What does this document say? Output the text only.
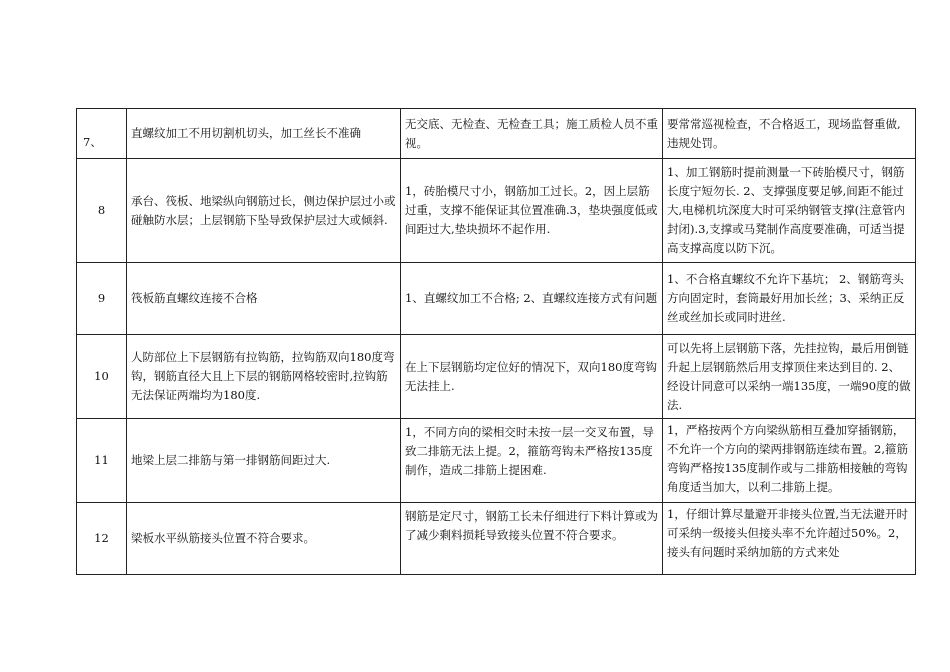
7、	直螺纹加工不用切割机切头，加工丝长不准确	无交底、无检查、无检查工具；施工质检人员不重视。	要常常巡视检查，不合格返工，现场监督重做,违规处罚。
8	承台、筏板、地梁纵向钢筋过长，侧边保护层过小或碰触防水层；上层钢筋下坠导致保护层过大或倾斜.	1，砖胎模尺寸小，钢筋加工过长。2，因上层筋过重，支撑不能保证其位置准确.3，垫块强度低或间距过大,垫块损坏不起作用.	1、加工钢筋时提前测量一下砖胎模尺寸，钢筋长度宁短勿长. 2、支撑强度要足够,间距不能过大,电梯机坑深度大时可采纳钢管支撑(注意管内封闭).3,支撑或马凳制作高度要准确，可适当提高支撑高度以防下沉。
9	筏板筋直螺纹连接不合格	1、直螺纹加工不合格; 2、直螺纹连接方式有问题	1、不合格直螺纹不允许下基坑； 2、钢筋弯头方向固定时，套筒最好用加长丝；3、采纳正反丝或丝加长或同时进丝.
10	人防部位上下层钢筋有拉钩筋，拉钩筋双向180度弯钩，钢筋直径大且上下层的钢筋网格较密时,拉钩筋无法保证两端均为180度.	在上下层钢筋均定位好的情况下，双向180度弯钩无法挂上.	可以先将上层钢筋下落，先挂拉钩，最后用倒链升起上层钢筋然后用支撑顶住来达到目的. 2、经设计同意可以采纳一端135度，一端90度的做法.
11	地梁上层二排筋与第一排钢筋间距过大.	1，不同方向的梁相交时未按一层一交叉布置，导致二排筋无法上提。2，箍筋弯钩未严格按135度制作，造成二排筋上提困难.	1，严格按两个方向梁纵筋相互叠加穿插钢筋，不允许一个方向的梁两排钢筋连续布置。2,箍筋弯钩严格按135度制作或与二排筋相接触的弯钩角度适当加大，以利二排筋上提。
12	梁板水平纵筋接头位置不符合要求。	钢筋是定尺寸，钢筋工长未仔细进行下料计算或为了减少剩料损耗导致接头位置不符合要求。	1，仔细计算尽量避开非接头位置,当无法避开时可采纳一级接头但接头率不允许超过50%。2，接头有问题时采纳加筋的方式来处
